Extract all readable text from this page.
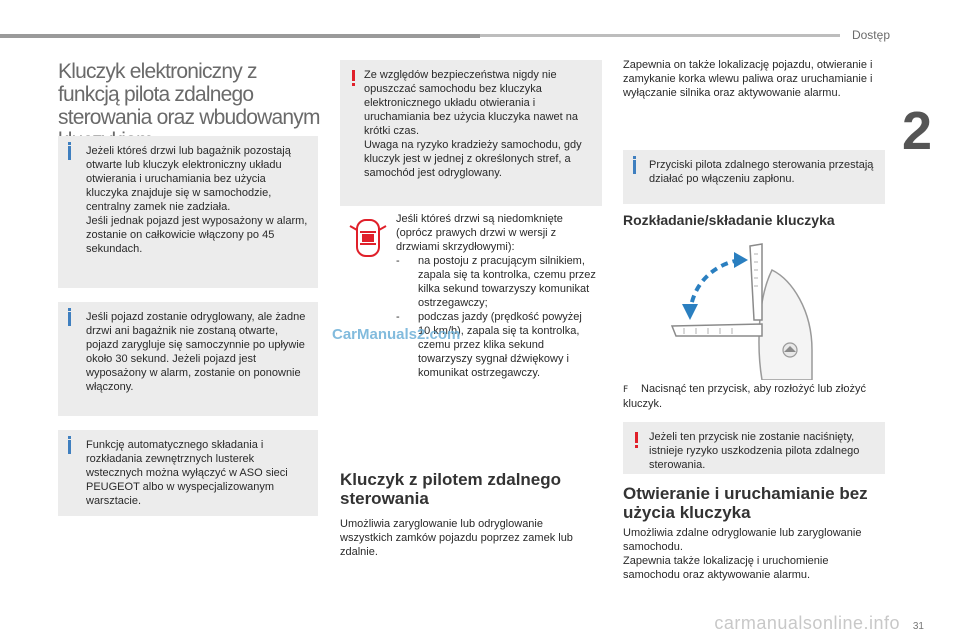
Dostęp
2
Kluczyk elektroniczny z funkcją pilota zdalnego sterowania oraz wbudowanym
Jeżeli któreś drzwi lub bagażnik pozostają otwarte lub kluczyk elektroniczny układu otwierania i uruchamiania bez użycia kluczyka znajduje się w samochodzie, centralny zamek nie zadziała.
Jeśli jednak pojazd jest wyposażony w alarm, zostanie on całkowicie włączony po 45 sekundach.
Jeśli pojazd zostanie odryglowany, ale żadne drzwi ani bagażnik nie zostaną otwarte, pojazd zarygluje się samoczynnie po upływie około 30 sekund. Jeżeli pojazd jest wyposażony w alarm, zostanie on ponownie włączony.
Funkcję automatycznego składania i rozkładania zewnętrznych lusterek wstecznych można wyłączyć w ASO sieci PEUGEOT albo w wyspecjalizowanym warsztacie.
Ze względów bezpieczeństwa nigdy nie opuszczać samochodu bez kluczyka elektronicznego układu otwierania i uruchamiania bez użycia kluczyka nawet na krótki czas.
Uwaga na ryzyko kradzieży samochodu, gdy kluczyk jest w jednej z określonych stref, a samochód jest odryglowany.
Jeśli któreś drzwi są niedomknięte (oprócz prawych drzwi w wersji z drzwiami skrzydłowymi):
- na postoju z pracującym silnikiem, zapala się ta kontrolka, czemu przez kilka sekund towarzyszy komunikat ostrzegawczy;
- podczas jazdy (prędkość powyżej 10 km/h), zapala się ta kontrolka, czemu przez klika sekund towarzyszy sygnał dźwiękowy i komunikat ostrzegawczy.
CarManuals2.com
Kluczyk z pilotem zdalnego sterowania
Umożliwia zaryglowanie lub odryglowanie wszystkich zamków pojazdu poprzez zamek lub zdalnie.
Zapewnia on także lokalizację pojazdu, otwieranie i zamykanie korka wlewu paliwa oraz uruchamianie i wyłączanie silnika oraz aktywowanie alarmu.
Przyciski pilota zdalnego sterowania przestają działać po włączeniu zapłonu.
Rozkładanie/składanie kluczyka
F Nacisnąć ten przycisk, aby rozłożyć lub złożyć kluczyk.
Jeżeli ten przycisk nie zostanie naciśnięty, istnieje ryzyko uszkodzenia pilota zdalnego sterowania.
Otwieranie i uruchamianie bez użycia kluczyka
Umożliwia zdalne odryglowanie lub zaryglowanie samochodu.
Zapewnia także lokalizację i uruchomienie samochodu oraz aktywowanie alarmu.
carmanualsonline.info 31
